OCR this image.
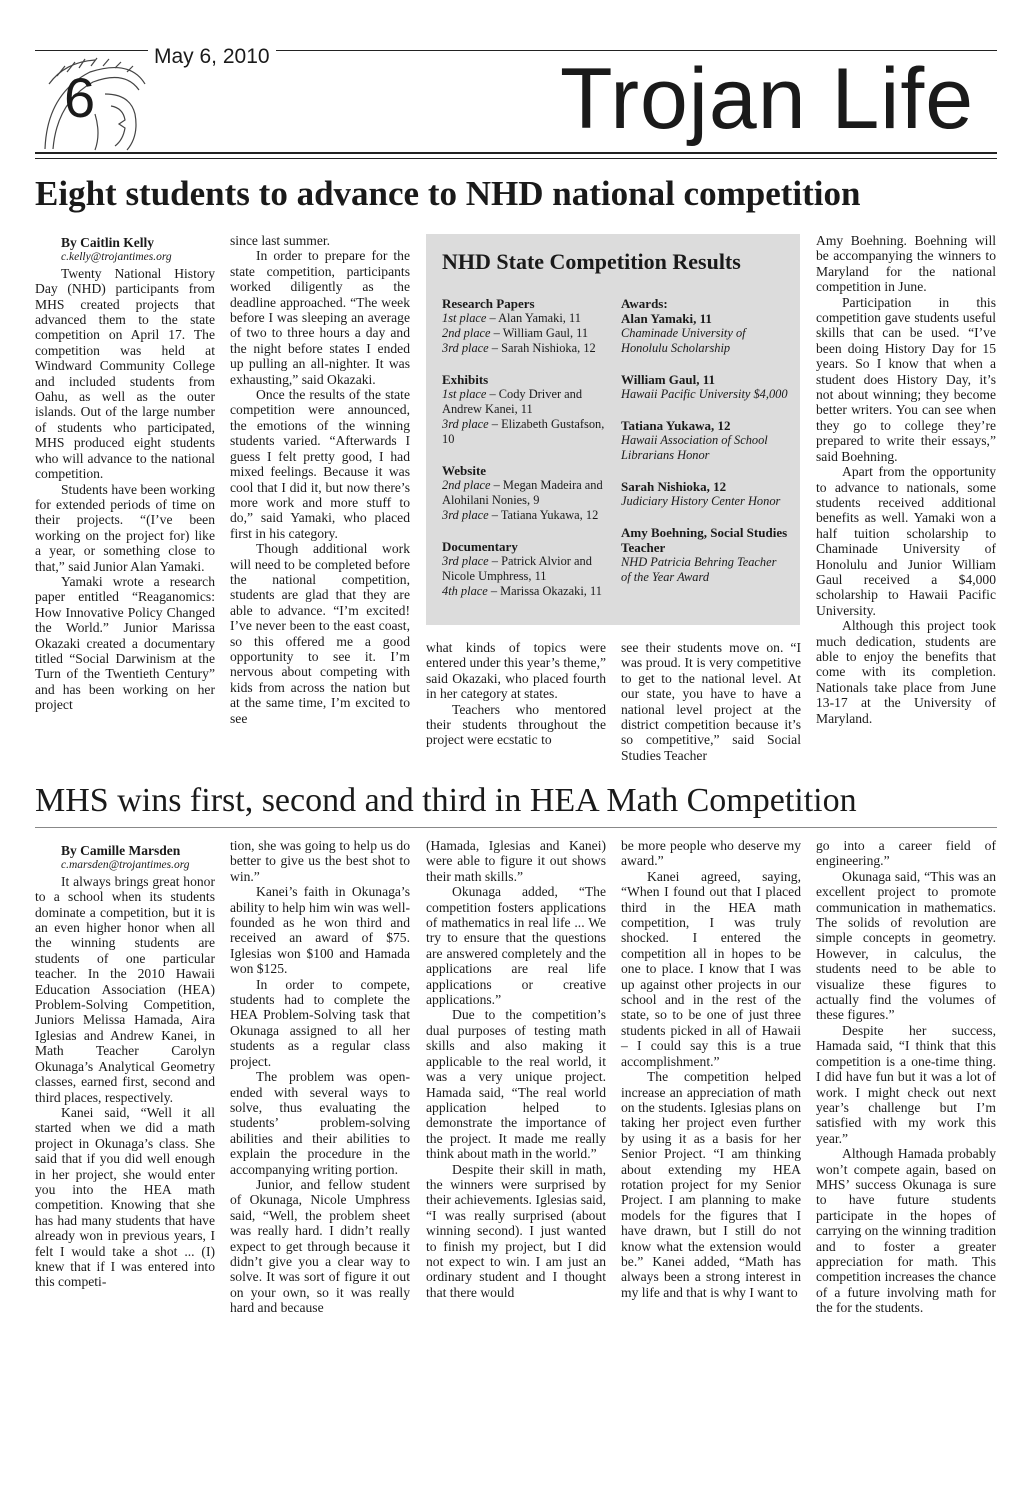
May 6, 2010
6	Trojan Life
Eight students to advance to NHD national competition

By Caitlin Kelly

c.kelly@trojantimes.org

Twenty National History Day (NHD) participants from MHS created projects that advanced them to the state competition on April 17. The competition was held at Windward Community College and included students from Oahu, as well as the outer islands. Out of the large number of students who participated, MHS produced eight students who will advance to the national competition.

Students have been working for extended periods of time on their projects. “(I’ve been working on the project for) like a year, or something close to that,” said Junior Alan Yamaki.

Yamaki wrote a research paper entitled “Reaganomics: How Innovative Policy Changed the World.” Junior Marissa Okazaki created a documentary titled “Social Darwinism at the Turn of the Twentieth Century” and has been working on her project

since last summer.

In order to prepare for the state competition, participants worked diligently as the deadline approached. “The week before I was sleeping an average of two to three hours a day and the night before states I ended up pulling an all-nighter. It was exhausting,” said Okazaki.

Once the results of the state competition were announced, the emotions of the winning students varied. “Afterwards I guess I felt pretty good, I had mixed feelings. Because it was cool that I did it, but now there’s more work and more stuff to do,” said Yamaki, who placed first in his category.

Though additional work will need to be completed before the national competition, students are glad that they are able to advance. “I’m excited! I’ve never been to the east coast, so this offered me a good opportunity to see it. I’m nervous about competing with kids from across the nation but at the same time, I’m excited to see

NHD State Competition Results
Research Papers
1st place – Alan Yamaki, 11
2nd place – William Gaul, 11
3rd place – Sarah Nishioka, 12
Exhibits
1st place – Cody Driver and Andrew Kanei, 11
3rd place – Elizabeth Gustafson, 10
Website
2nd place – Megan Madeira and Alohilani Nonies, 9
3rd place – Tatiana Yukawa, 12
Documentary
3rd place – Patrick Alvior and Nicole Umphress, 11
4th place – Marissa Okazaki, 11
Awards:
Alan Yamaki, 11
Chaminade University of Honolulu Scholarship
William Gaul, 11
Hawaii Pacific University $4,000
Tatiana Yukawa, 12
Hawaii Association of School Librarians Honor
Sarah Nishioka, 12
Judiciary History Center Honor
Amy Boehning, Social Studies Teacher
NHD Patricia Behring Teacher of the Year Award

what kinds of topics were entered under this year’s theme,” said Okazaki, who placed fourth in her category at states.

Teachers who mentored their students throughout the project were ecstatic to

see their students move on. “I was proud. It is very competitive to get to the national level. At our state, you have to have a national level project at the district competition because it’s so competitive,” said Social Studies Teacher

Amy Boehning. Boehning will be accompanying the winners to Maryland for the national competition in June.

Participation in this competition gave students useful skills that can be used. “I’ve been doing History Day for 15 years. So I know that when a student does History Day, it’s not about winning; they become better writers. You can see when they go to college they’re prepared to write their essays,” said Boehning.

Apart from the opportunity to advance to nationals, some students received additional benefits as well. Yamaki won a half tuition scholarship to Chaminade University of Honolulu and Junior William Gaul received a $4,000 scholarship to Hawaii Pacific University.

Although this project took much dedication, students are able to enjoy the benefits that come with its completion. Nationals take place from June 13-17 at the University of Maryland.

MHS wins first, second and third in HEA Math Competition

By Camille Marsden

c.marsden@trojantimes.org

It always brings great honor to a school when its students dominate a competition, but it is an even higher honor when all the winning students are students of one particular teacher. In the 2010 Hawaii Education Association (HEA) Problem-Solving Competition, Juniors Melissa Hamada, Aira Iglesias and Andrew Kanei, in Math Teacher Carolyn Okunaga’s Analytical Geometry classes, earned first, second and third places, respectively.

Kanei said, “Well it all started when we did a math project in Okunaga’s class. She said that if you did well enough in her project, she would enter you into the HEA math competition. Knowing that she has had many students that have already won in previous years, I felt I would take a shot ... (I) knew that if I was entered into this competi-

tion, she was going to help us do better to give us the best shot to win.”

Kanei’s faith in Okunaga’s ability to help him win was well-founded as he won third and received an award of $75. Iglesias won $100 and Hamada won $125.

In order to compete, students had to complete the HEA Problem-Solving task that Okunaga assigned to all her students as a regular class project.

The problem was open-ended with several ways to solve, thus evaluating the students’ problem-solving abilities and their abilities to explain the procedure in the accompanying writing portion.

Junior, and fellow student of Okunaga, Nicole Umphress said, “Well, the problem sheet was really hard. I didn’t really expect to get through because it didn’t give you a clear way to solve. It was sort of figure it out on your own, so it was really hard and because

(Hamada, Iglesias and Kanei) were able to figure it out shows their math skills.”

Okunaga added, “The competition fosters applications of mathematics in real life ... We try to ensure that the questions are answered completely and the applications are real life applications or creative applications.”

Due to the competition’s dual purposes of testing math skills and also making it applicable to the real world, it was a very unique project. Hamada said, “The real world application helped to demonstrate the importance of the project. It made me really think about math in the world.”

Despite their skill in math, the winners were surprised by their achievements. Iglesias said, “I was really surprised (about winning second). I just wanted to finish my project, but I did not expect to win. I am just an ordinary student and I thought that there would

be more people who deserve my award.”

Kanei agreed, saying, “When I found out that I placed third in the HEA math competition, I was truly shocked. I entered the competition all in hopes to be one to place. I know that I was up against other projects in our school and in the rest of the state, so to be one of just three students picked in all of Hawaii – I could say this is a true accomplishment.”

The competition helped increase an appreciation of math on the students. Iglesias plans on taking her project even further by using it as a basis for her Senior Project. “I am thinking about extending my HEA rotation project for my Senior Project. I am planning to make models for the figures that I have drawn, but I still do not know what the extension would be.” Kanei added, “Math has always been a strong interest in my life and that is why I want to

go into a career field of engineering.”

Okunaga said, “This was an excellent project to promote communication in mathematics. The solids of revolution are simple concepts in geometry. However, in calculus, the students need to be able to visualize these figures to actually find the volumes of these figures.”

Despite her success, Hamada said, “I think that this competition is a one-time thing. I did have fun but it was a lot of work. I might check out next year’s challenge but I’m satisfied with my work this year.”

Although Hamada probably won’t compete again, based on MHS’ success Okunaga is sure to have future students participate in the hopes of carrying on the winning tradition and to foster a greater appreciation for math. This competition increases the chance of a future involving math for the for the students.
